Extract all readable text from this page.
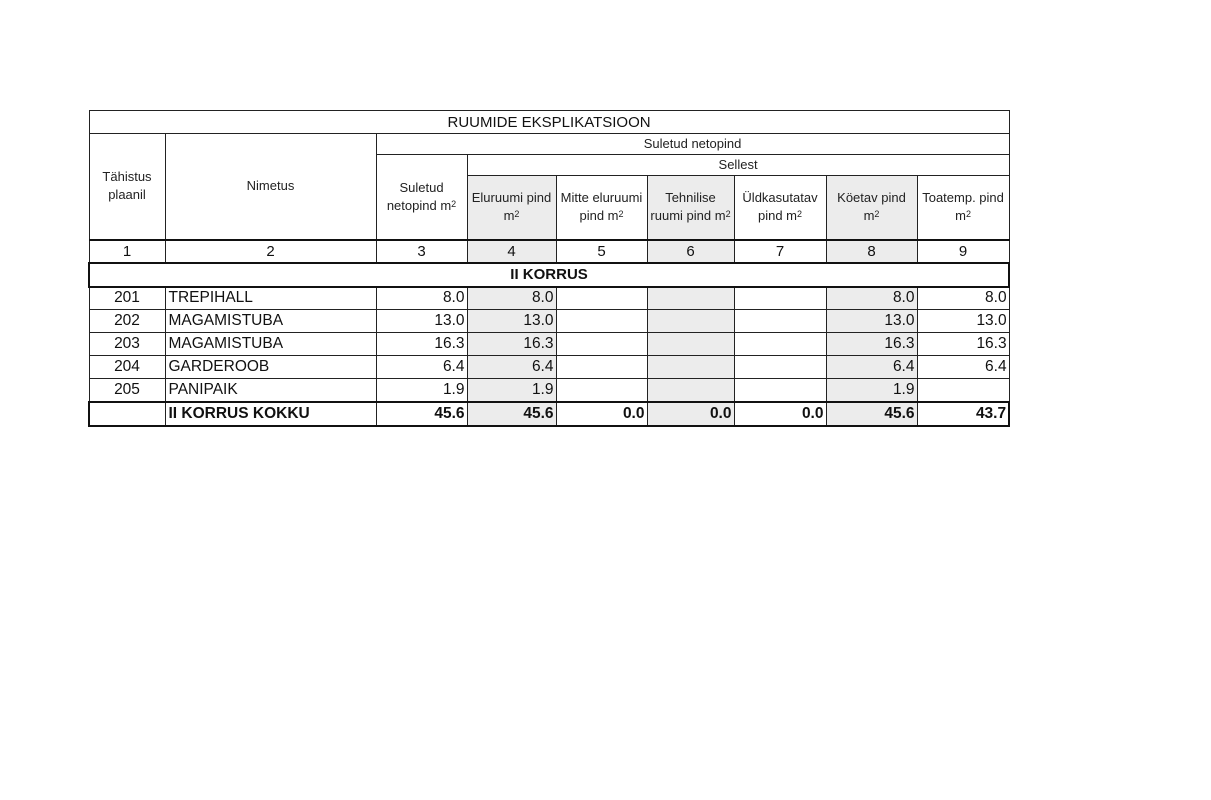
RUUMIDE EKSPLIKATSIOON								
Tähistus plaanil	Nimetus	Suletud netopind						
		Suletud netopind $m^2$	Sellest					
			Eluruumi pind $m^2$	Mitte eluruumi pind $m^2$	Tehnilise ruumi pind $m^2$	Üldkasutatav pind $m^2$	Köetav pind $m^2$	Toatemp. pind $m^2$
1	2	3	4	5	6	7	8	9
II KORRUS								
201	TREPIHALL	8.0	8.0				8.0	8.0
202	MAGAMISTUBA	13.0	13.0				13.0	13.0
203	MAGAMISTUBA	16.3	16.3				16.3	16.3
204	GARDEROOB	6.4	6.4				6.4	6.4
205	PANIPAIK	1.9	1.9				1.9	
	II KORRUS KOKKU	45.6	45.6	0.0	0.0	0.0	45.6	43.7
